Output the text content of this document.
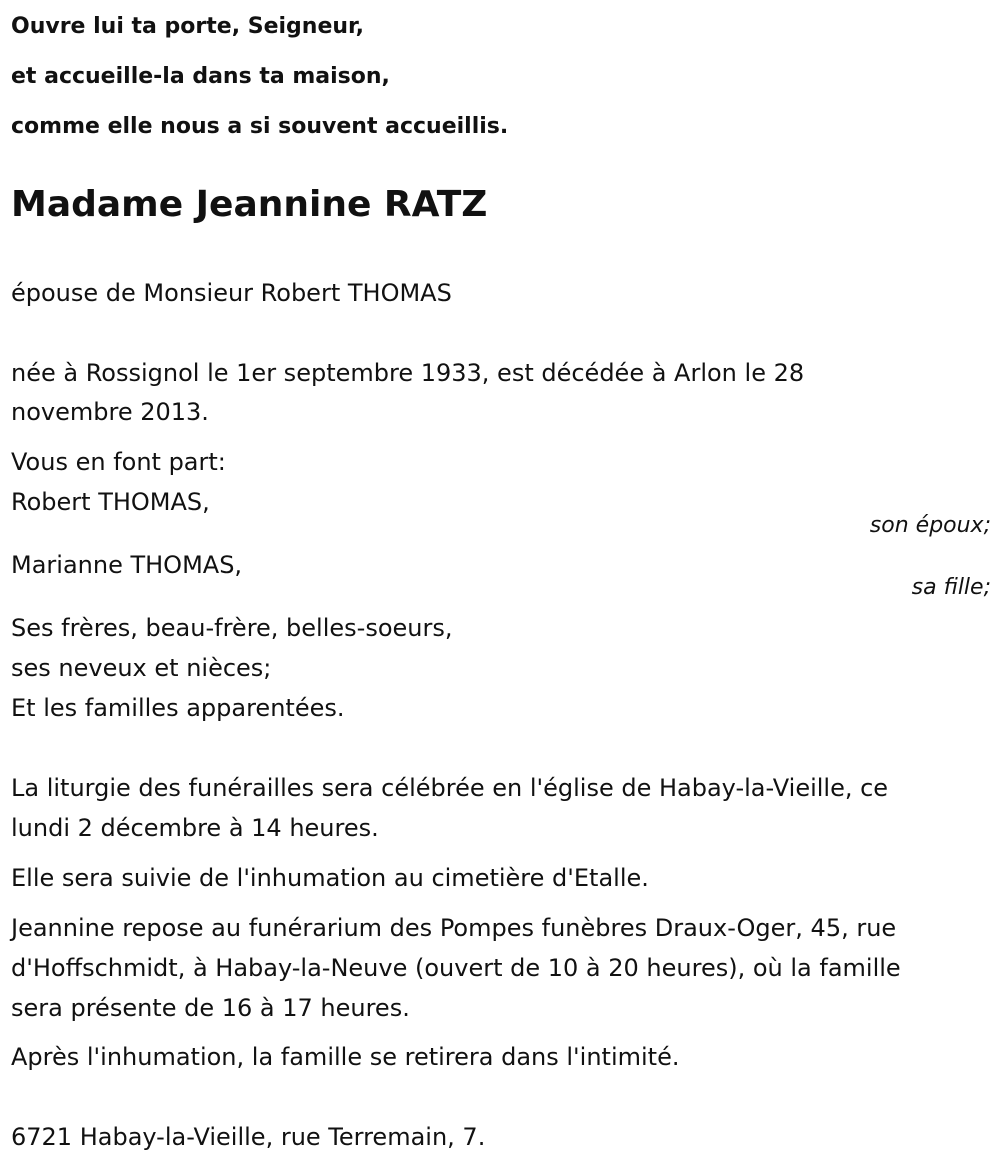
Ouvre lui ta porte, Seigneur,

et accueille-la dans ta maison,

comme elle nous a si souvent accueillis.

Madame Jeannine RATZ

épouse de Monsieur Robert THOMAS

née à Rossignol le 1er septembre 1933, est décédée à Arlon le 28

novembre 2013.

Vous en font part:

Robert THOMAS,

son époux;

Marianne THOMAS,

sa fille;

Ses frères, beau-frère, belles-soeurs,

ses neveux et nièces;

Et les familles apparentées.

La liturgie des funérailles sera célébrée en l'église de Habay-la-Vieille, ce

lundi 2 décembre à 14 heures.

Elle sera suivie de l'inhumation au cimetière d'Etalle.

Jeannine repose au funérarium des Pompes funèbres Draux-Oger, 45, rue

d'Hoffschmidt, à Habay-la-Neuve (ouvert de 10 à 20 heures), où la famille

sera présente de 16 à 17 heures.

Après l'inhumation, la famille se retirera dans l'intimité.

6721 Habay-la-Vieille, rue Terremain, 7.
